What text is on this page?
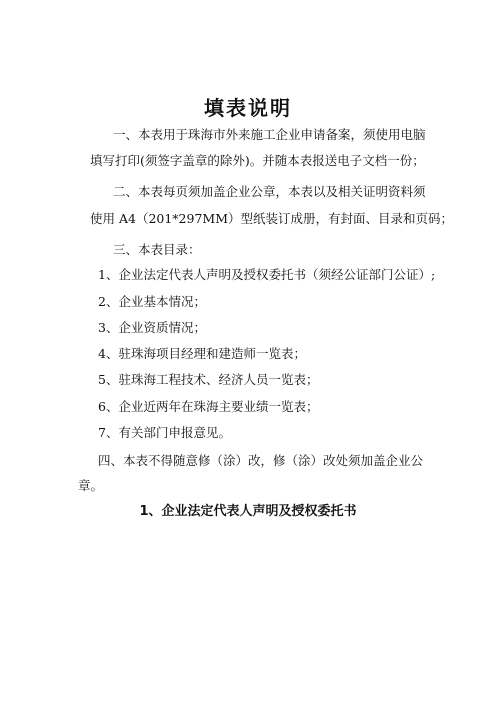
填表说明
一、本表用于珠海市外来施工企业申请备案，须使用电脑
填写打印(须签字盖章的除外)。并随本表报送电子文档一份；
二、本表每页须加盖企业公章，本表以及相关证明资料须
使用 A4（201*297MM）型纸装订成册，有封面、目录和页码；
三、本表目录：
1、企业法定代表人声明及授权委托书（须经公证部门公证）;
2、企业基本情况；
3、企业资质情况；
4、驻珠海项目经理和建造师一览表；
5、驻珠海工程技术、经济人员一览表；
6、企业近两年在珠海主要业绩一览表；
7、有关部门申报意见。
四、本表不得随意修（涂）改，修（涂）改处须加盖企业公
章。
1、企业法定代表人声明及授权委托书
